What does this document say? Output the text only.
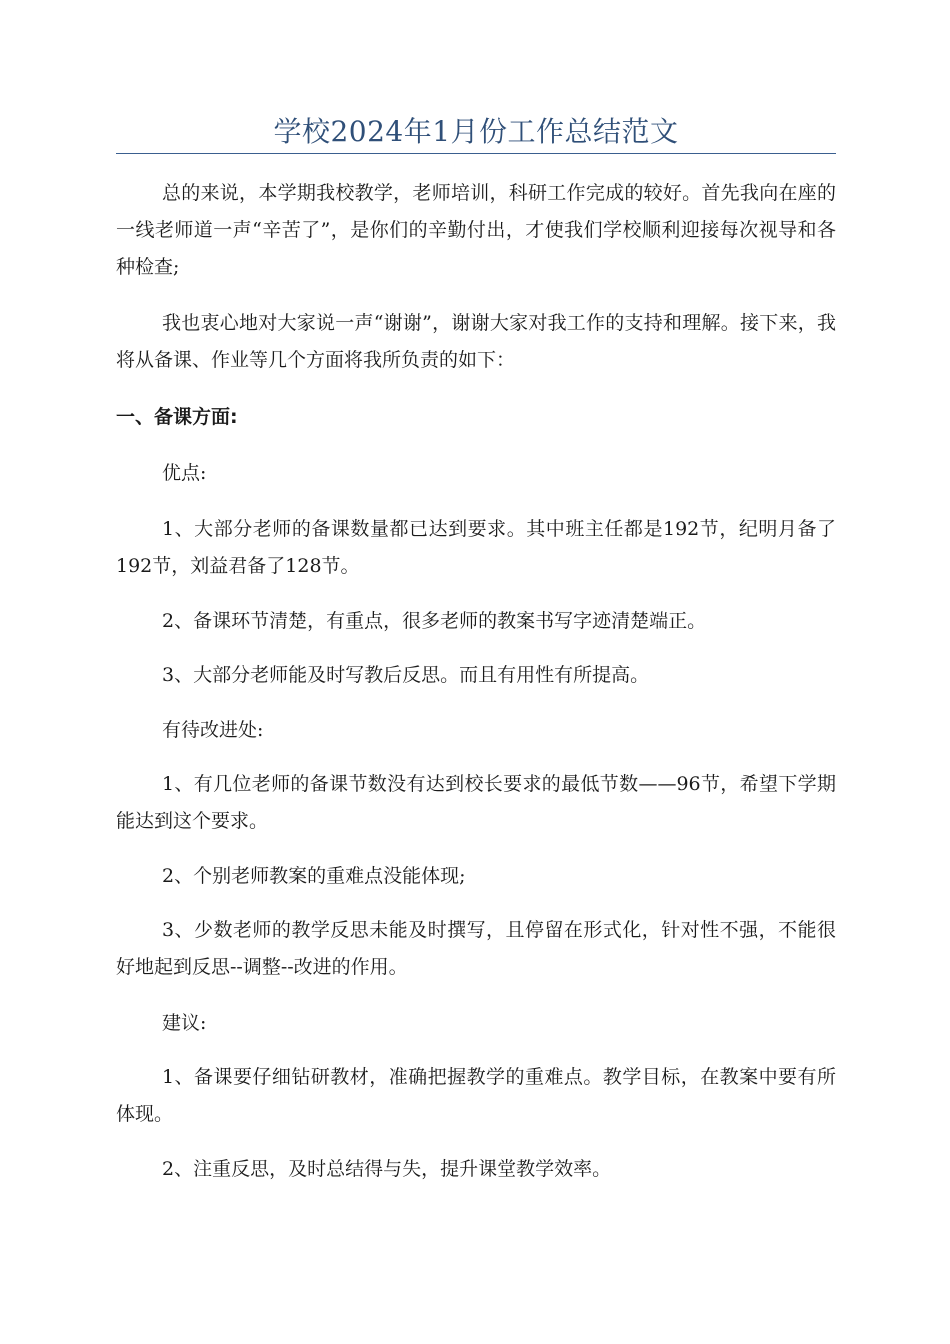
学校2024年1月份工作总结范文

总的来说，本学期我校教学，老师培训，科研工作完成的较好。首先我向在座的一线老师道一声“辛苦了”，是你们的辛勤付出，才使我们学校顺利迎接每次视导和各种检查;

我也衷心地对大家说一声“谢谢”，谢谢大家对我工作的支持和理解。接下来，我将从备课、作业等几个方面将我所负责的如下：

一、备课方面:

优点:

1、大部分老师的备课数量都已达到要求。其中班主任都是192节，纪明月备了192节，刘益君备了128节。

2、备课环节清楚，有重点，很多老师的教案书写字迹清楚端正。

3、大部分老师能及时写教后反思。而且有用性有所提高。

有待改进处:

1、有几位老师的备课节数没有达到校长要求的最低节数——96节，希望下学期能达到这个要求。

2、个别老师教案的重难点没能体现;

3、少数老师的教学反思未能及时撰写，且停留在形式化，针对性不强，不能很好地起到反思--调整--改进的作用。

建议:

1、备课要仔细钻研教材，准确把握教学的重难点。教学目标，在教案中要有所体现。

2、注重反思，及时总结得与失，提升课堂教学效率。
